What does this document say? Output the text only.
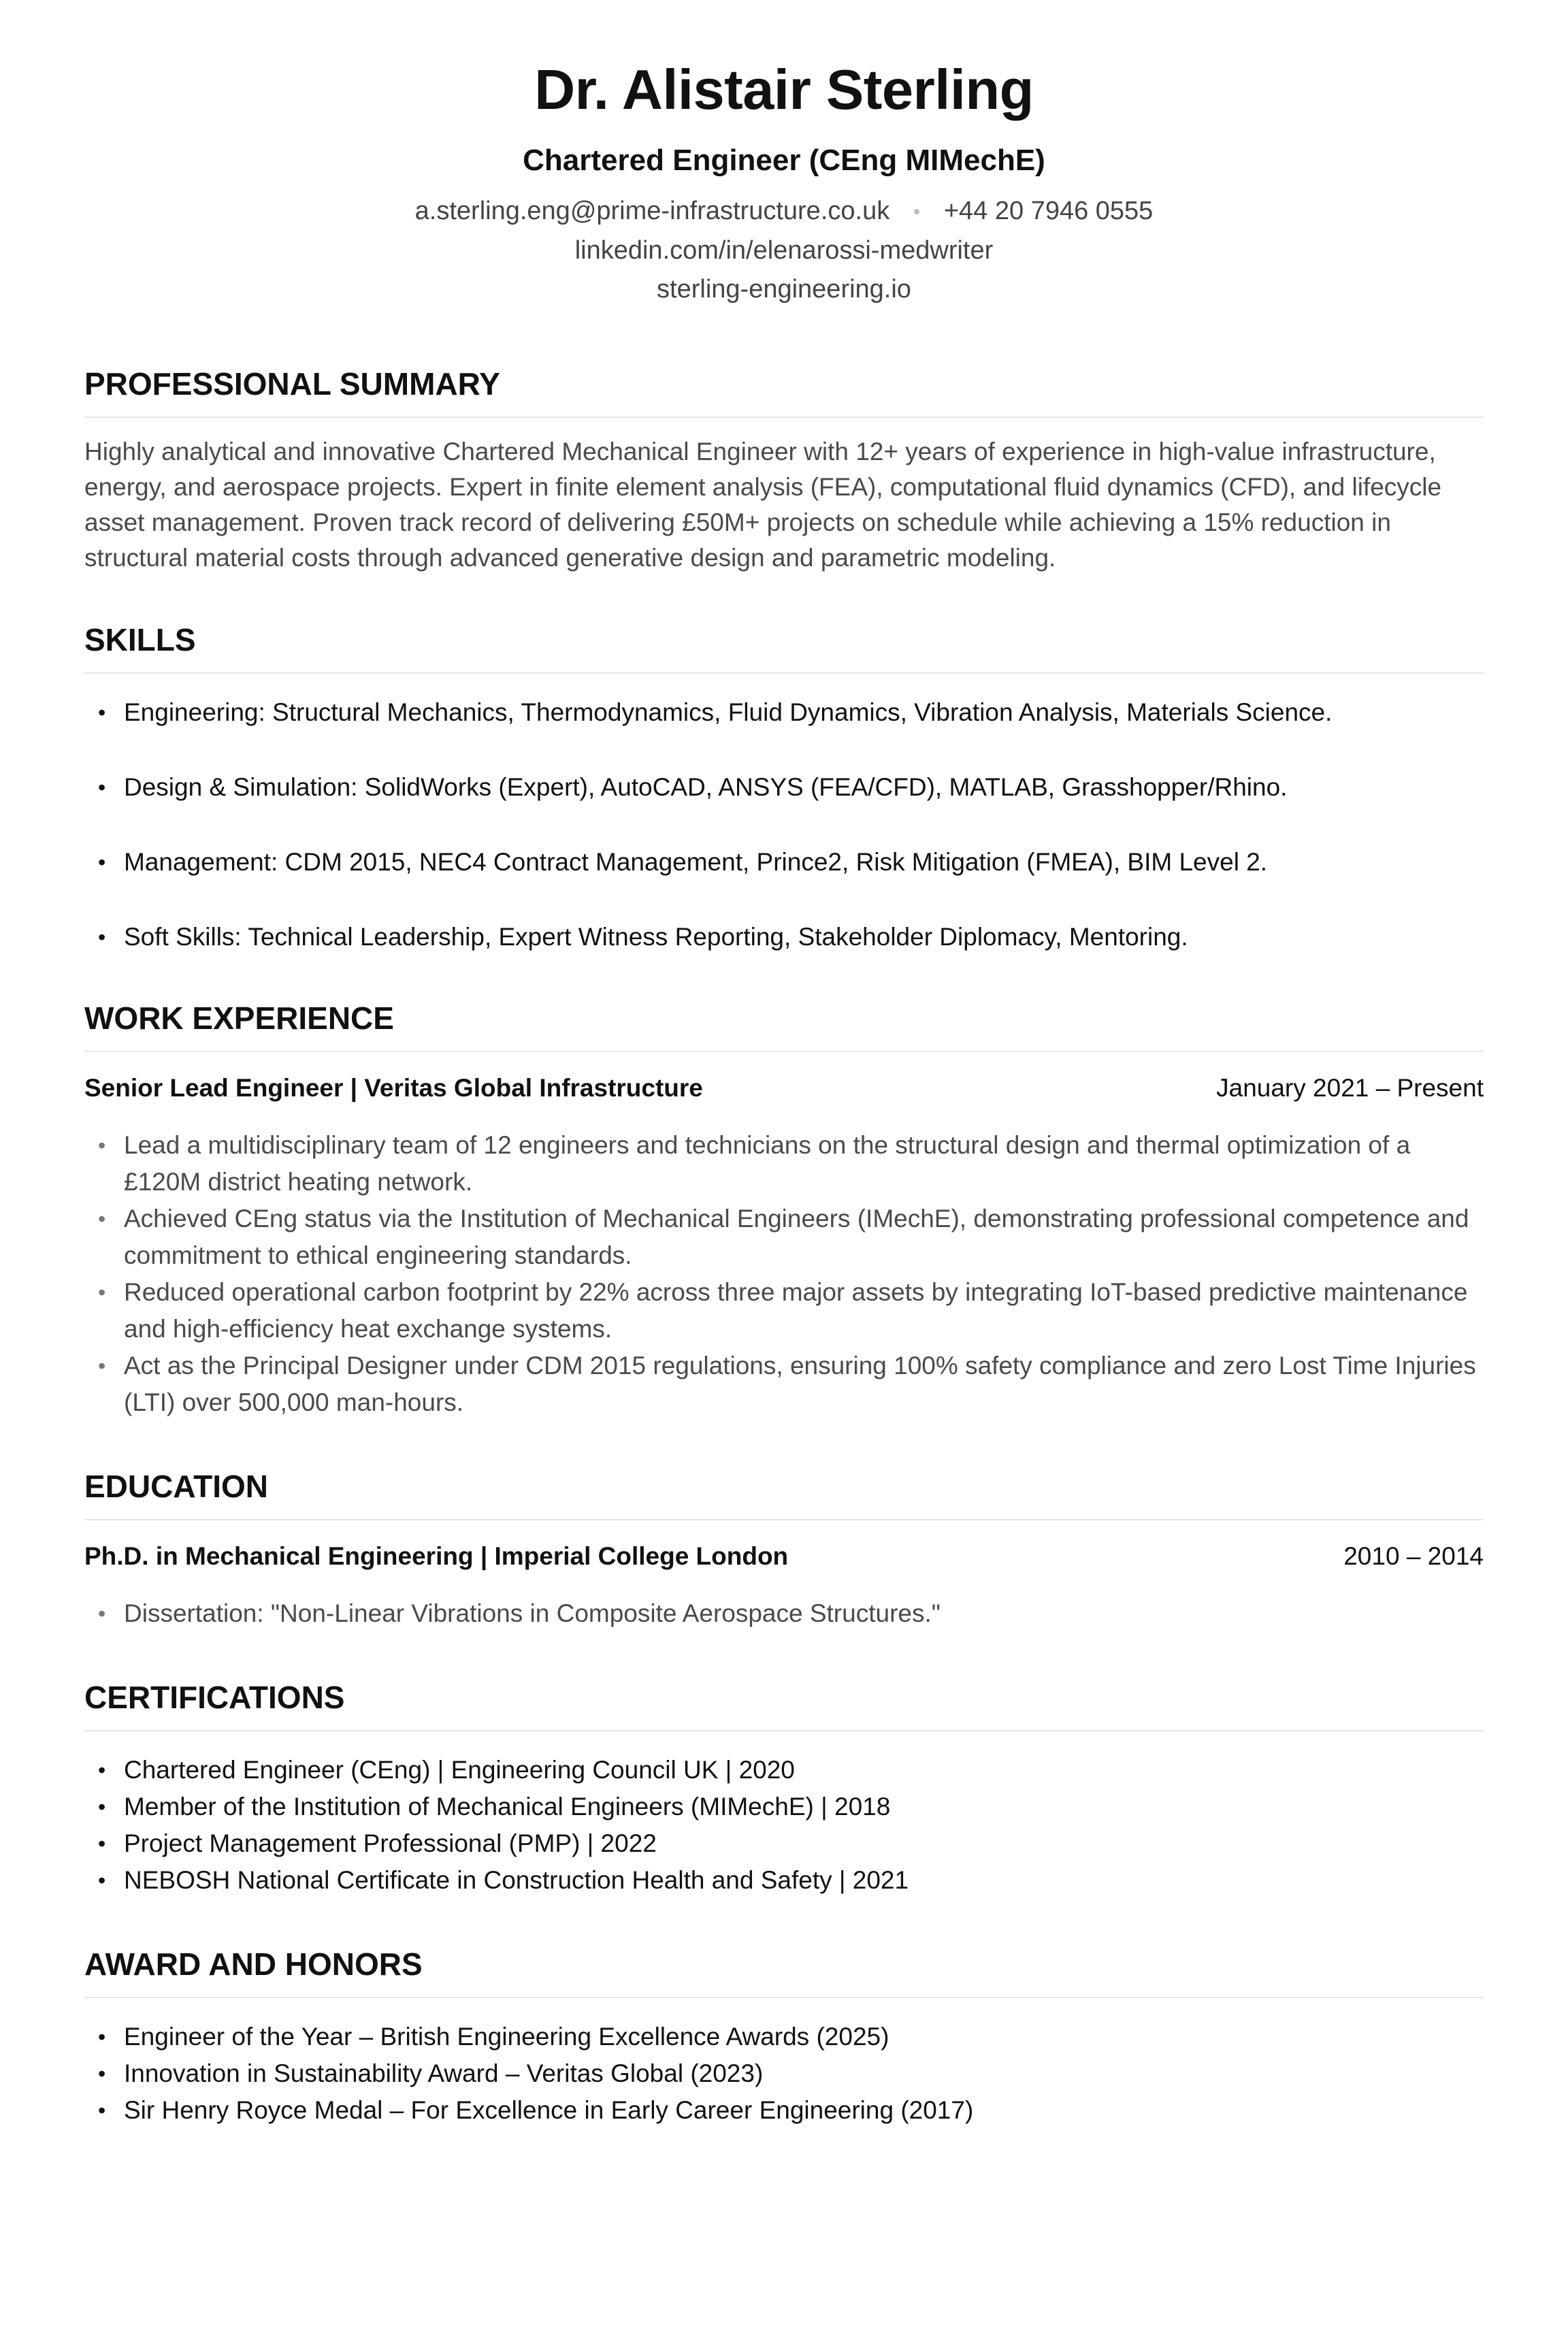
Dr. Alistair Sterling
Chartered Engineer (CEng MIMechE)
a.sterling.eng@prime-infrastructure.co.uk • +44 20 7946 0555
linkedin.com/in/elenarossi-medwriter
sterling-engineering.io
PROFESSIONAL SUMMARY

Highly analytical and innovative Chartered Mechanical Engineer with 12+ years of experience in high-value infrastructure, energy, and aerospace projects. Expert in finite element analysis (FEA), computational fluid dynamics (CFD), and lifecycle asset management. Proven track record of delivering £50M+ projects on schedule while achieving a 15% reduction in structural material costs through advanced generative design and parametric modeling.

SKILLS
• Engineering: Structural Mechanics, Thermodynamics, Fluid Dynamics, Vibration Analysis, Materials Science.
• Design & Simulation: SolidWorks (Expert), AutoCAD, ANSYS (FEA/CFD), MATLAB, Grasshopper/Rhino.
• Management: CDM 2015, NEC4 Contract Management, Prince2, Risk Mitigation (FMEA), BIM Level 2.
• Soft Skills: Technical Leadership, Expert Witness Reporting, Stakeholder Diplomacy, Mentoring.
WORK EXPERIENCE
Senior Lead Engineer | Veritas Global Infrastructure	January 2021 – Present
• Lead a multidisciplinary team of 12 engineers and technicians on the structural design and thermal optimization of a £120M district heating network.
• Achieved CEng status via the Institution of Mechanical Engineers (IMechE), demonstrating professional competence and commitment to ethical engineering standards.
• Reduced operational carbon footprint by 22% across three major assets by integrating IoT-based predictive maintenance and high-efficiency heat exchange systems.
• Act as the Principal Designer under CDM 2015 regulations, ensuring 100% safety compliance and zero Lost Time Injuries (LTI) over 500,000 man-hours.
EDUCATION
Ph.D. in Mechanical Engineering | Imperial College London	2010 – 2014
• Dissertation: "Non-Linear Vibrations in Composite Aerospace Structures."
CERTIFICATIONS
• Chartered Engineer (CEng) | Engineering Council UK | 2020
• Member of the Institution of Mechanical Engineers (MIMechE) | 2018
• Project Management Professional (PMP) | 2022
• NEBOSH National Certificate in Construction Health and Safety | 2021
AWARD AND HONORS
• Engineer of the Year – British Engineering Excellence Awards (2025)
• Innovation in Sustainability Award – Veritas Global (2023)
• Sir Henry Royce Medal – For Excellence in Early Career Engineering (2017)
